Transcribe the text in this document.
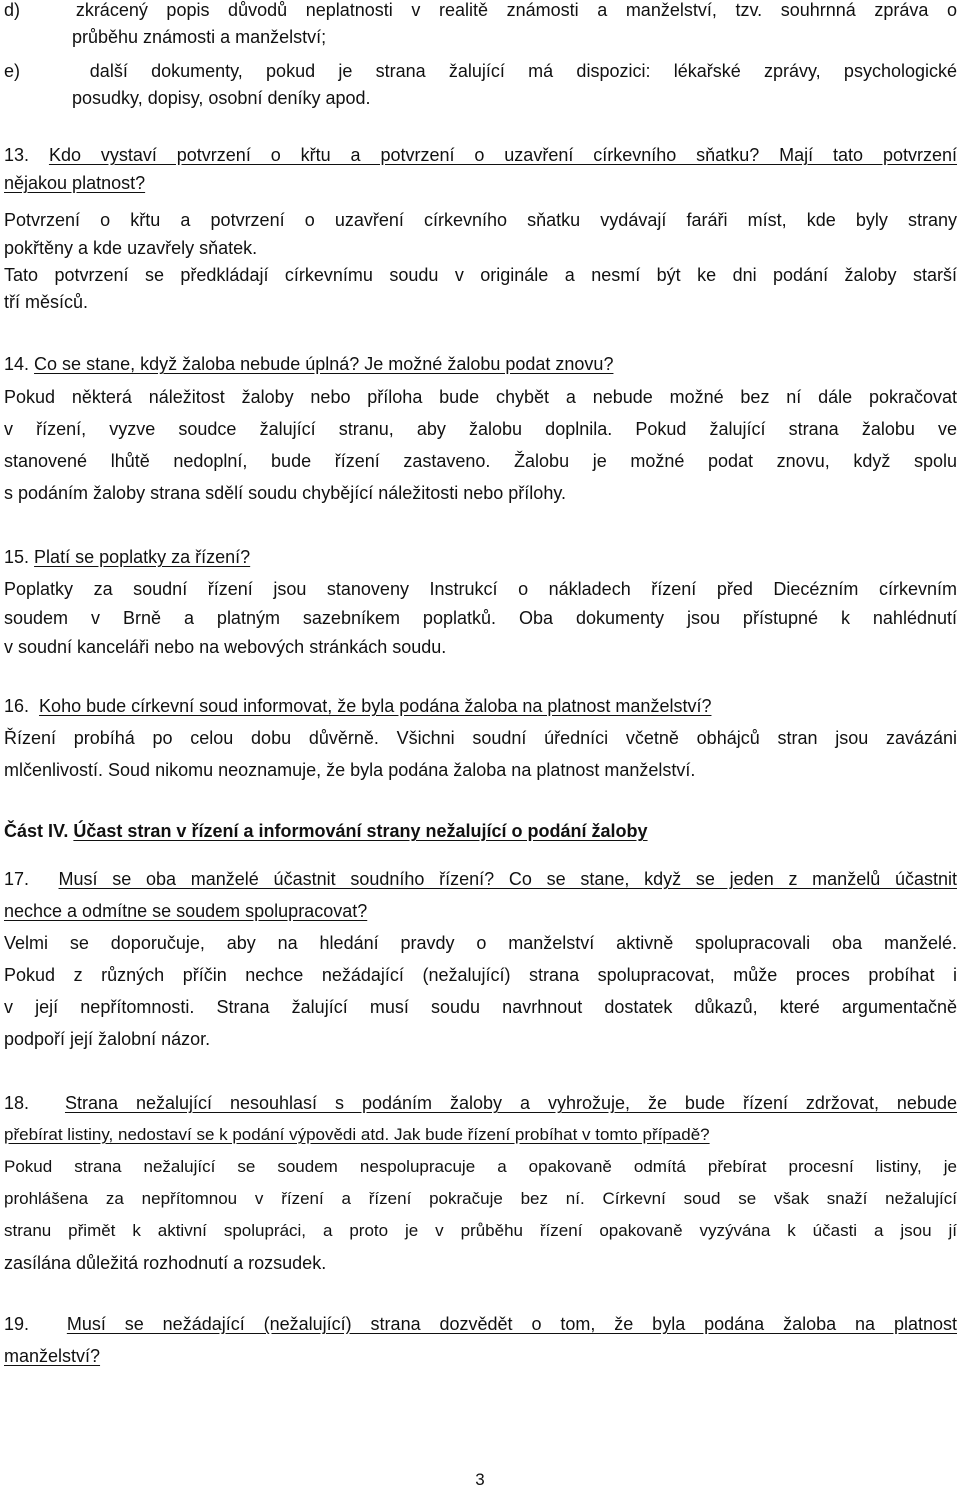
d)	zkrácený popis důvodů neplatnosti v realitě známosti a manželství, tzv. souhrnná zpráva o
průběhu známosti a manželství;
e)	další dokumenty, pokud je strana žalující má dispozici: lékařské zprávy, psychologické
posudky, dopisy, osobní deníky apod.
13. Kdo vystaví potvrzení o křtu a potvrzení o uzavření církevního sňatku? Mají tato potvrzení
nějakou platnost?
Potvrzení o křtu a potvrzení o uzavření církevního sňatku vydávají faráři míst, kde byly strany
pokřtěny a kde uzavřely sňatek.
Tato potvrzení se předkládají církevnímu soudu v originále a nesmí být ke dni podání žaloby starší
tří měsíců.
14. Co se stane, když žaloba nebude úplná? Je možné žalobu podat znovu?
Pokud některá náležitost žaloby nebo příloha bude chybět a nebude možné bez ní dále pokračovat
v řízení, vyzve soudce žalující stranu, aby žalobu doplnila. Pokud žalující strana žalobu ve
stanovené lhůtě nedoplní, bude řízení zastaveno. Žalobu je možné podat znovu, když spolu
s podáním žaloby strana sdělí soudu chybějící náležitosti nebo přílohy.
15. Platí se poplatky za řízení?
Poplatky za soudní řízení jsou stanoveny Instrukcí o nákladech řízení před Diecézním církevním
soudem v Brně a platným sazebníkem poplatků. Oba dokumenty jsou přístupné k nahlédnutí
v soudní kanceláři nebo na webových stránkách soudu.
16. Koho bude církevní soud informovat, že byla podána žaloba na platnost manželství?
Řízení probíhá po celou dobu důvěrně. Všichni soudní úředníci včetně obhájců stran jsou zavázáni
mlčenlivostí. Soud nikomu neoznamuje, že byla podána žaloba na platnost manželství.
Část IV. Účast stran v řízení a informování strany nežalující o podání žaloby
17. Musí se oba manželé účastnit soudního řízení? Co se stane, když se jeden z manželů účastnit
nechce a odmítne se soudem spolupracovat?
Velmi se doporučuje, aby na hledání pravdy o manželství aktivně spolupracovali oba manželé.
Pokud z různých příčin nechce nežádající (nežalující) strana spolupracovat, může proces probíhat i
v její nepřítomnosti. Strana žalující musí soudu navrhnout dostatek důkazů, které argumentačně
podpoří její žalobní názor.
18. Strana nežalující nesouhlasí s podáním žaloby a vyhrožuje, že bude řízení zdržovat, nebude
přebírat listiny, nedostaví se k podání výpovědi atd. Jak bude řízení probíhat v tomto případě?
Pokud strana nežalující se soudem nespolupracuje a opakovaně odmítá přebírat procesní listiny, je
prohlášena za nepřítomnou v řízení a řízení pokračuje bez ní. Církevní soud se však snaží nežalující
stranu přimět k aktivní spolupráci, a proto je v průběhu řízení opakovaně vyzývána k účasti a jsou jí
zasílána důležitá rozhodnutí a rozsudek.
19. Musí se nežádající (nežalující) strana dozvědět o tom, že byla podána žaloba na platnost
manželství?
3
